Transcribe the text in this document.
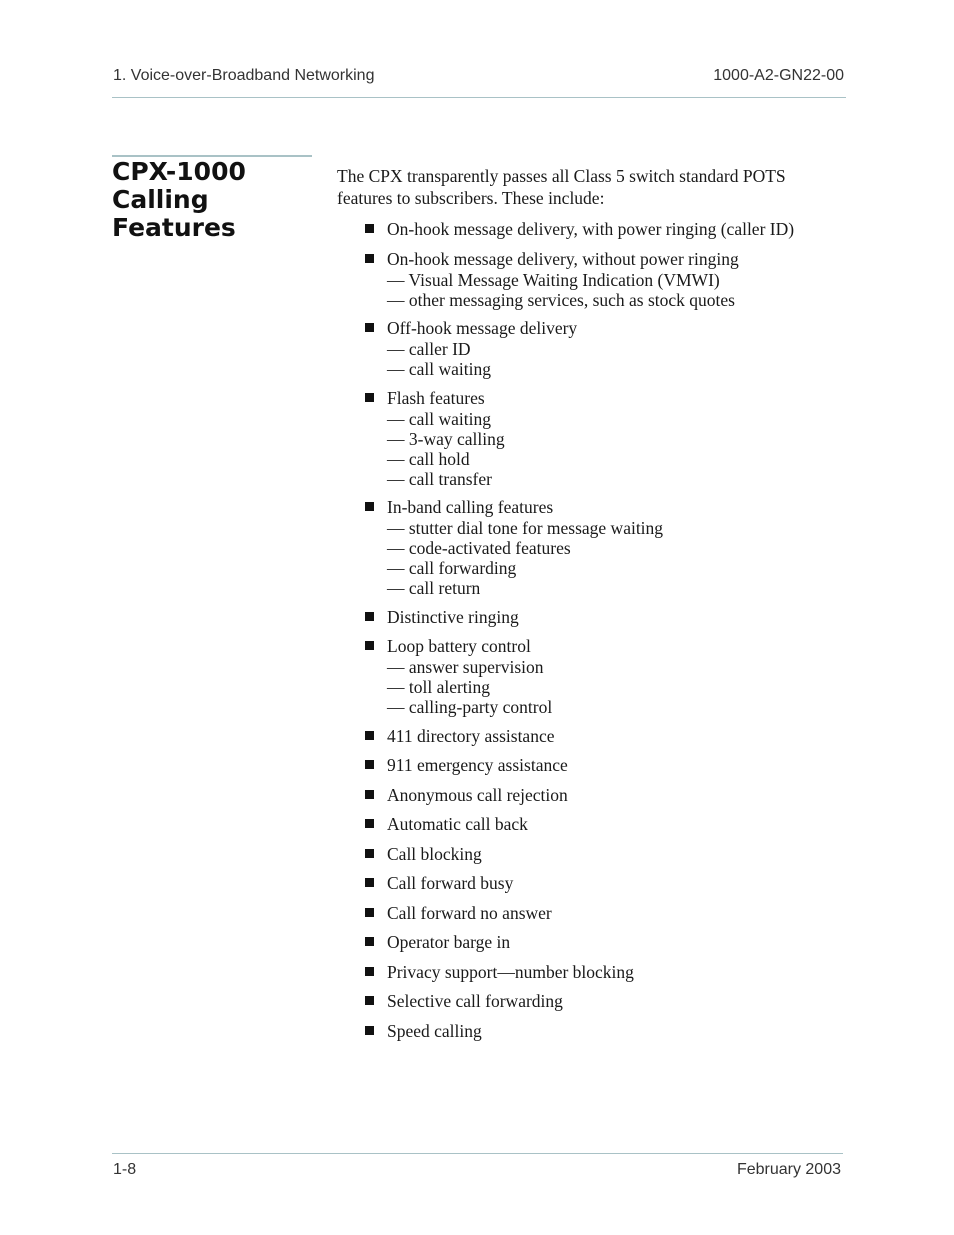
1. Voice-over-Broadband Networking	1000-A2-GN22-00
CPX-1000
Calling
Features

The CPX transparently passes all Class 5 switch standard POTS features to subscribers. These include:

On-hook message delivery, with power ringing (caller ID)
On-hook message delivery, without power ringing
— Visual Message Waiting Indication (VMWI)
— other messaging services, such as stock quotes
Off-hook message delivery
— caller ID
— call waiting
Flash features
— call waiting
— 3-way calling
— call hold
— call transfer
In-band calling features
— stutter dial tone for message waiting
— code-activated features
— call forwarding
— call return
Distinctive ringing
Loop battery control
— answer supervision
— toll alerting
— calling-party control
411 directory assistance
911 emergency assistance
Anonymous call rejection
Automatic call back
Call blocking
Call forward busy
Call forward no answer
Operator barge in
Privacy support—number blocking
Selective call forwarding
Speed calling
1-8	February 2003
